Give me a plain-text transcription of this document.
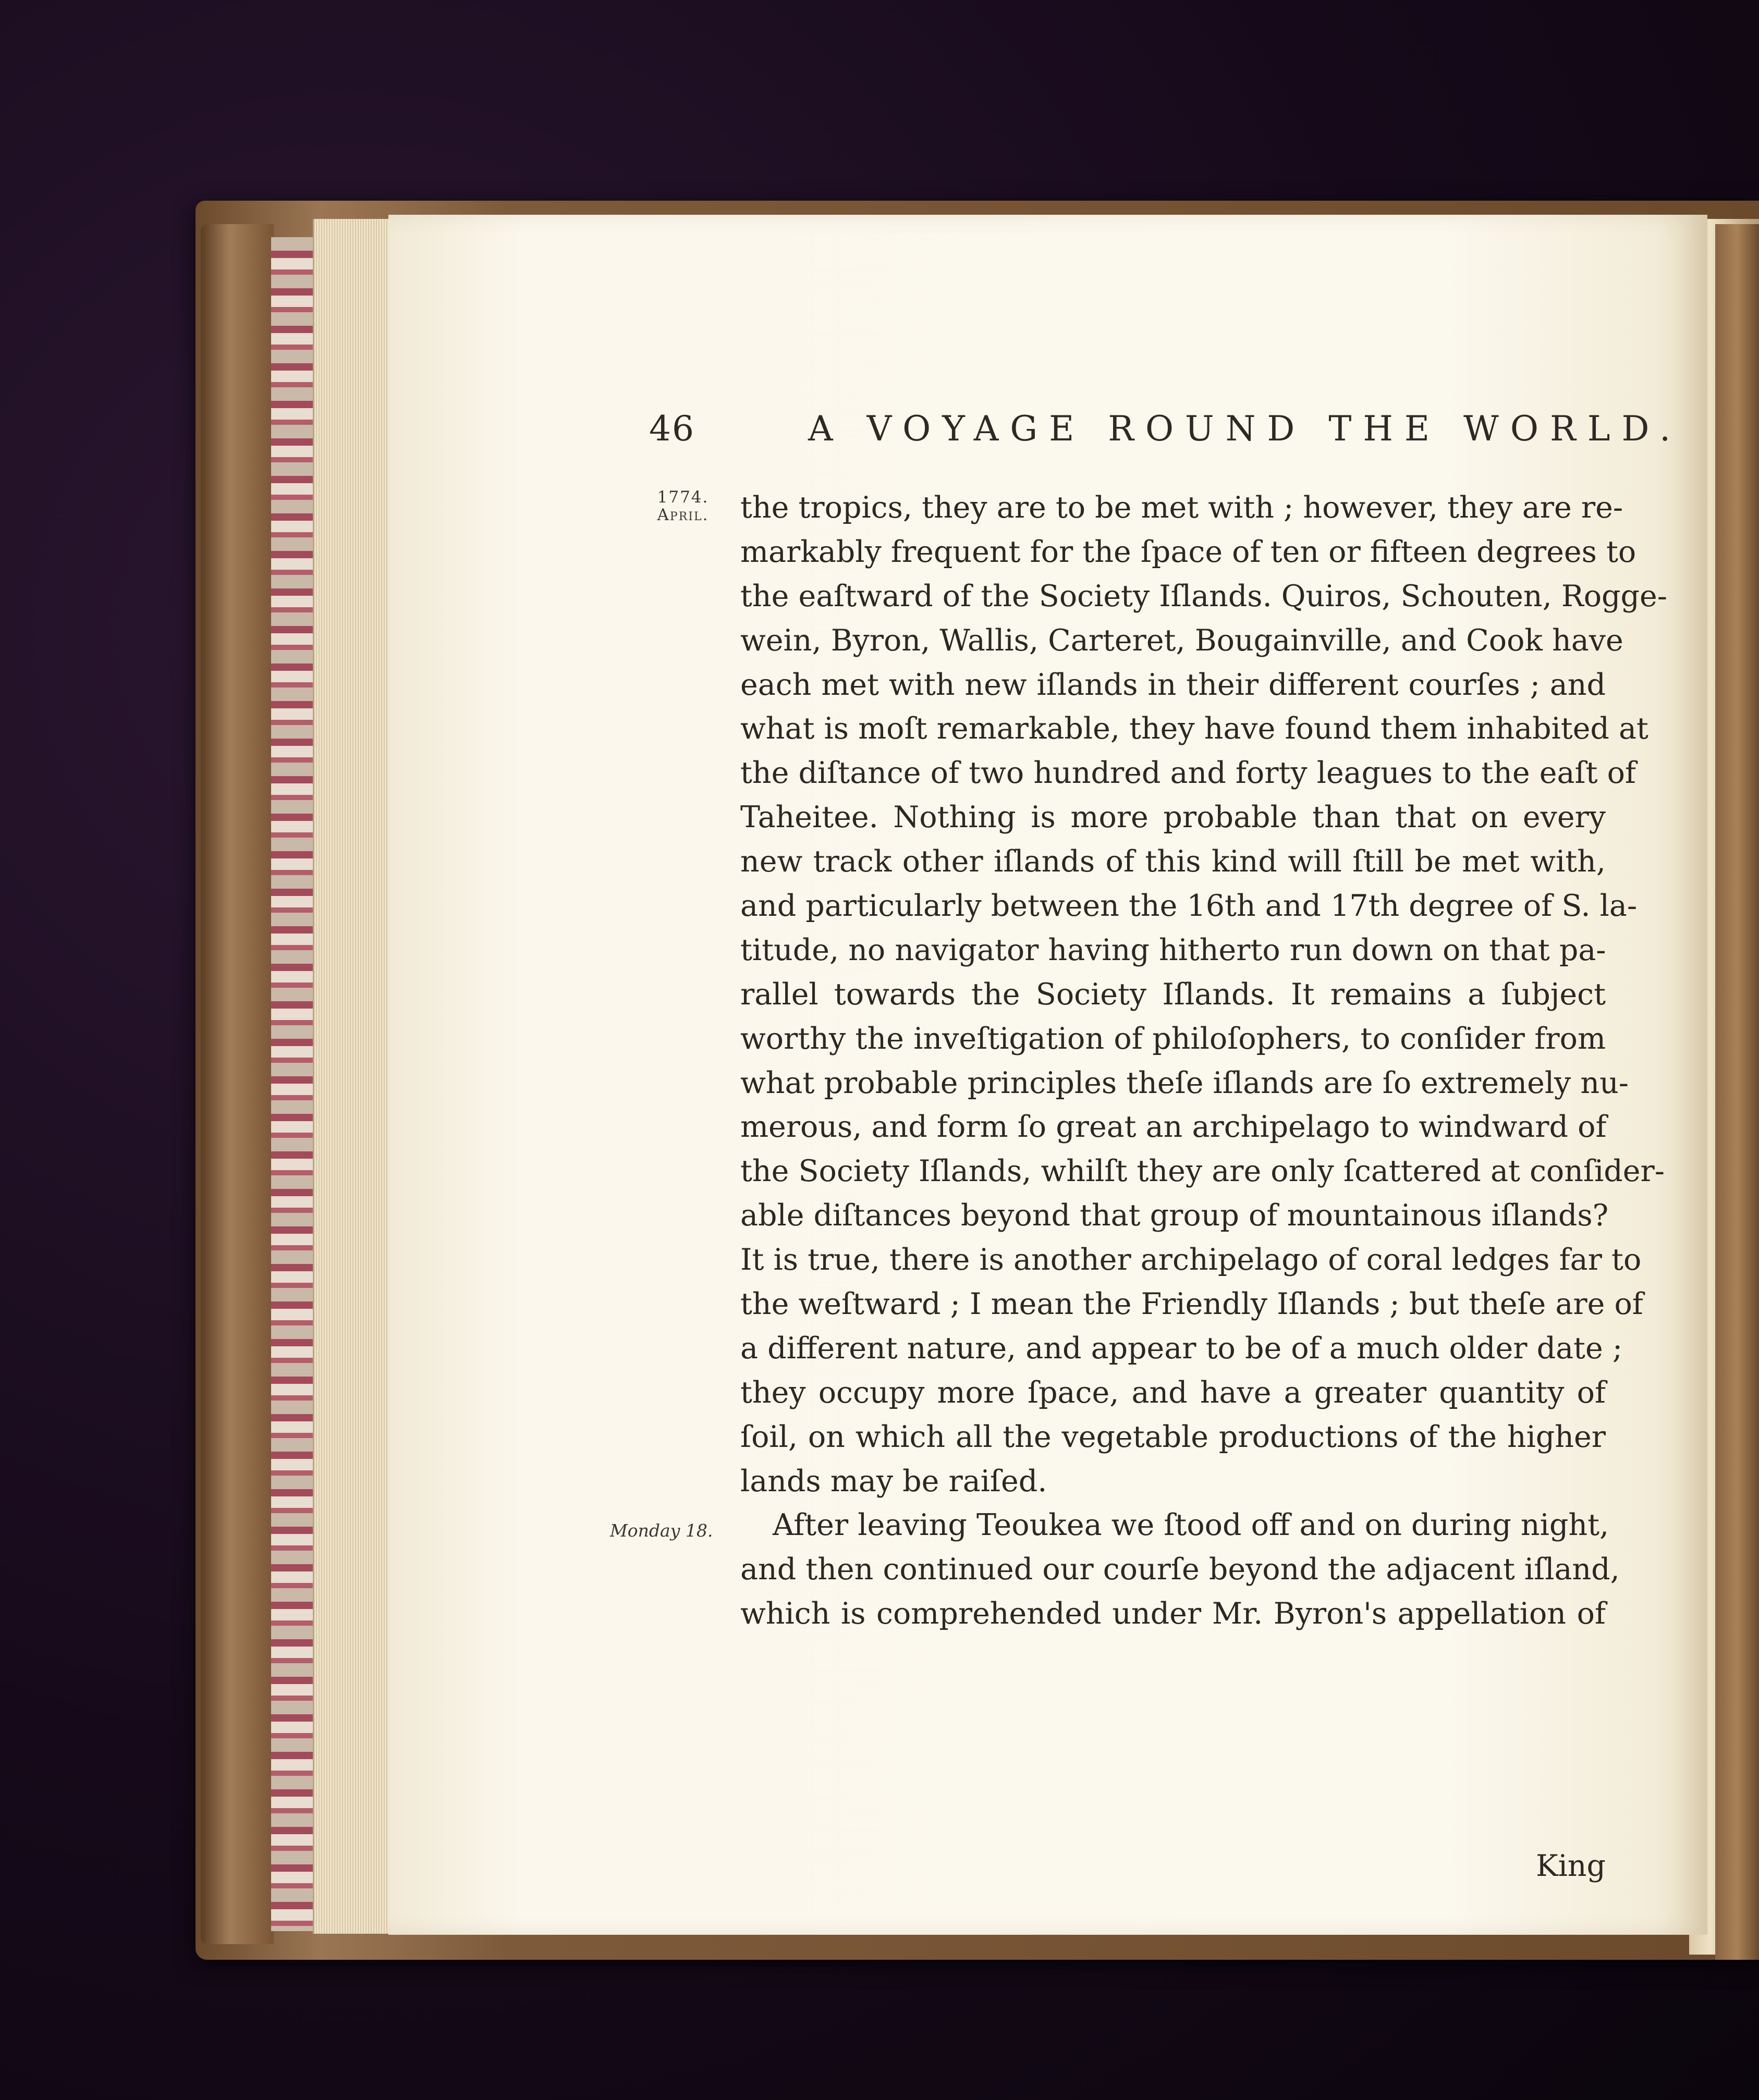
46	A VOYAGE ROUND THE WORLD.
1774.
April.
Monday 18.
the tropics, they are to be met with ; however, they are re-
markably frequent for the ſpace of ten or fifteen degrees to
the eaſtward of the Society Iſlands. Quiros, Schouten, Rogge-
wein, Byron, Wallis, Carteret, Bougainville, and Cook have
each met with new iſlands in their different courſes ; and
what is moſt remarkable, they have found them inhabited at
the diſtance of two hundred and forty leagues to the eaſt of
Taheitee. Nothing is more probable than that on every
new track other iſlands of this kind will ſtill be met with,
and particularly between the 16th and 17th degree of S. la-
titude, no navigator having hitherto run down on that pa-
rallel towards the Society Iſlands. It remains a ſubject
worthy the inveſtigation of philoſophers, to conſider from
what probable principles theſe iſlands are ſo extremely nu-
merous, and form ſo great an archipelago to windward of
the Society Iſlands, whilſt they are only ſcattered at conſider-
able diſtances beyond that group of mountainous iſlands?
It is true, there is another archipelago of coral ledges far to
the weſtward ; I mean the Friendly Iſlands ; but theſe are of
a different nature, and appear to be of a much older date ;
they occupy more ſpace, and have a greater quantity of
ſoil, on which all the vegetable productions of the higher
lands may be raiſed.
After leaving Teoukea we ſtood off and on during night,
and then continued our courſe beyond the adjacent iſland,
which is comprehended under Mr. Byron's appellation of
King
